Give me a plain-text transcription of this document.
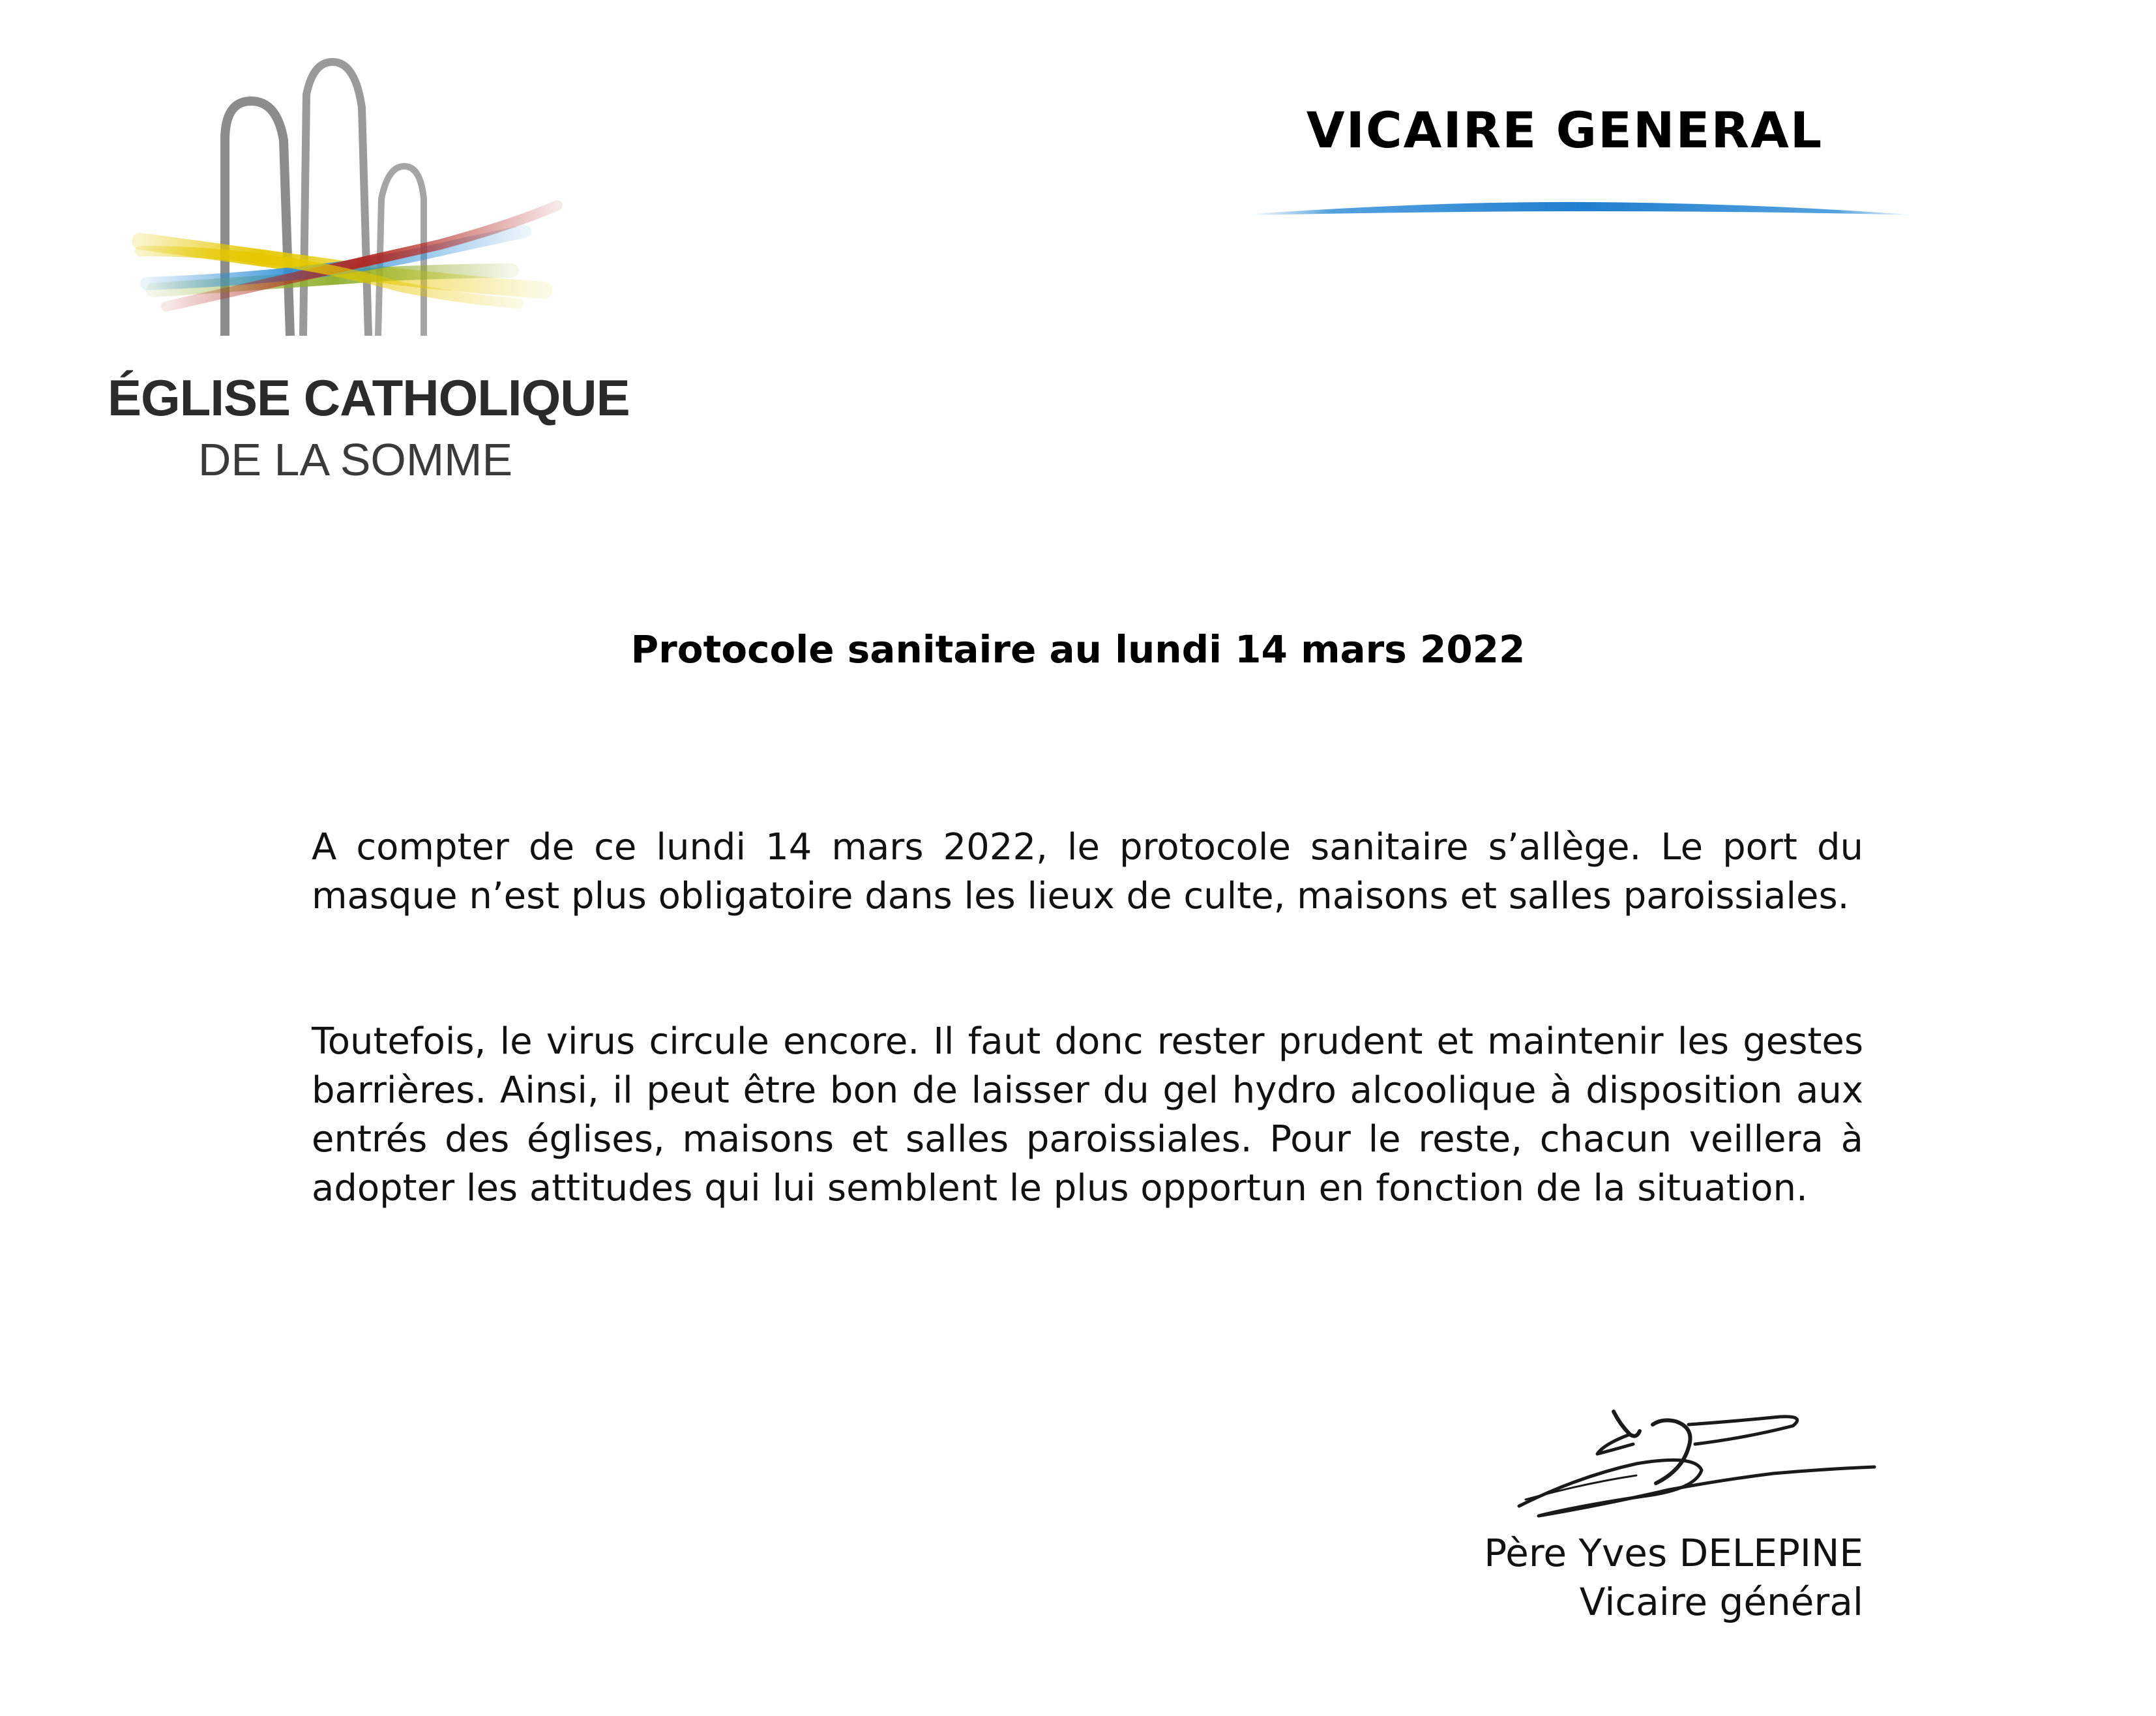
ÉGLISE CATHOLIQUE
DE LA SOMME
VICAIRE GENERAL
Protocole sanitaire au lundi 14 mars 2022

A compter de ce lundi 14 mars 2022, le protocole sanitaire s’allège. Le port du masque n’est plus obligatoire dans les lieux de culte, maisons et salles paroissiales.

Toutefois, le virus circule encore. Il faut donc rester prudent et maintenir les gestes barrières. Ainsi, il peut être bon de laisser du gel hydro alcoolique à disposition aux entrés des églises, maisons et salles paroissiales. Pour le reste, chacun veillera à adopter les attitudes qui lui semblent le plus opportun en fonction de la situation.

Père Yves DELEPINE
Vicaire général
